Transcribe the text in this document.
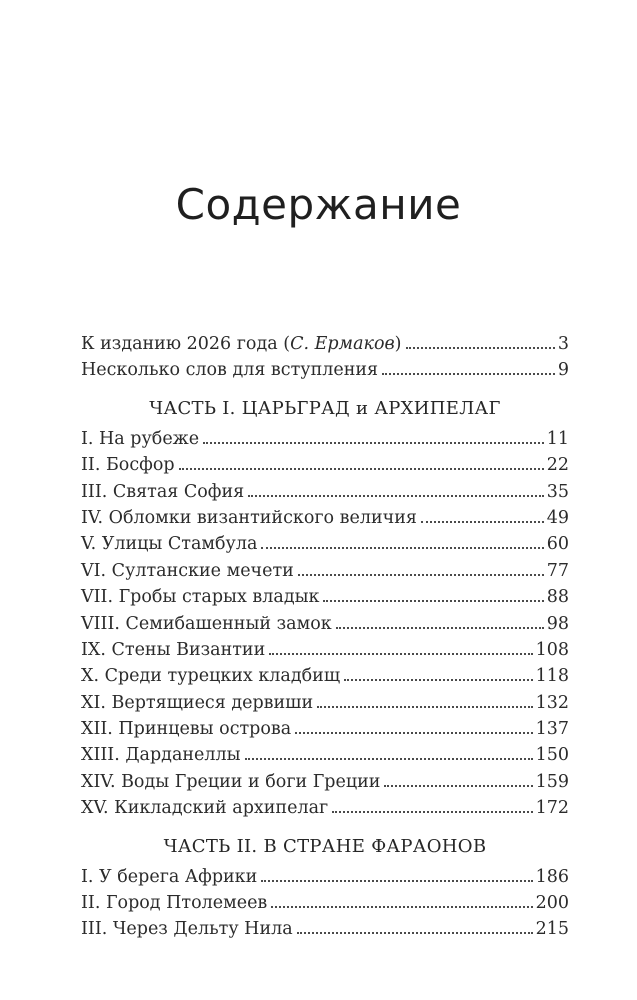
Содержание
К изданию 2026 года (С. Ермаков)	3
Несколько слов для вступления	9
ЧАСТЬ I. ЦАРЬГРАД и АРХИПЕЛАГ
I. На рубеже	11
II. Босфор	22
III. Святая София	35
IV. Обломки византийского величия	49
V. Улицы Стамбула	60
VI. Султанские мечети	77
VII. Гробы старых владык	88
VIII. Семибашенный замок	98
IX. Стены Византии	108
X. Среди турецких кладбищ	118
XI. Вертящиеся дервиши	132
XII. Принцевы острова	137
XIII. Дарданеллы	150
XIV. Воды Греции и боги Греции	159
XV. Кикладский архипелаг	172
ЧАСТЬ II. В СТРАНЕ ФАРАОНОВ
I. У берега Африки	186
II. Город Птолемеев	200
III. Через Дельту Нила	215
